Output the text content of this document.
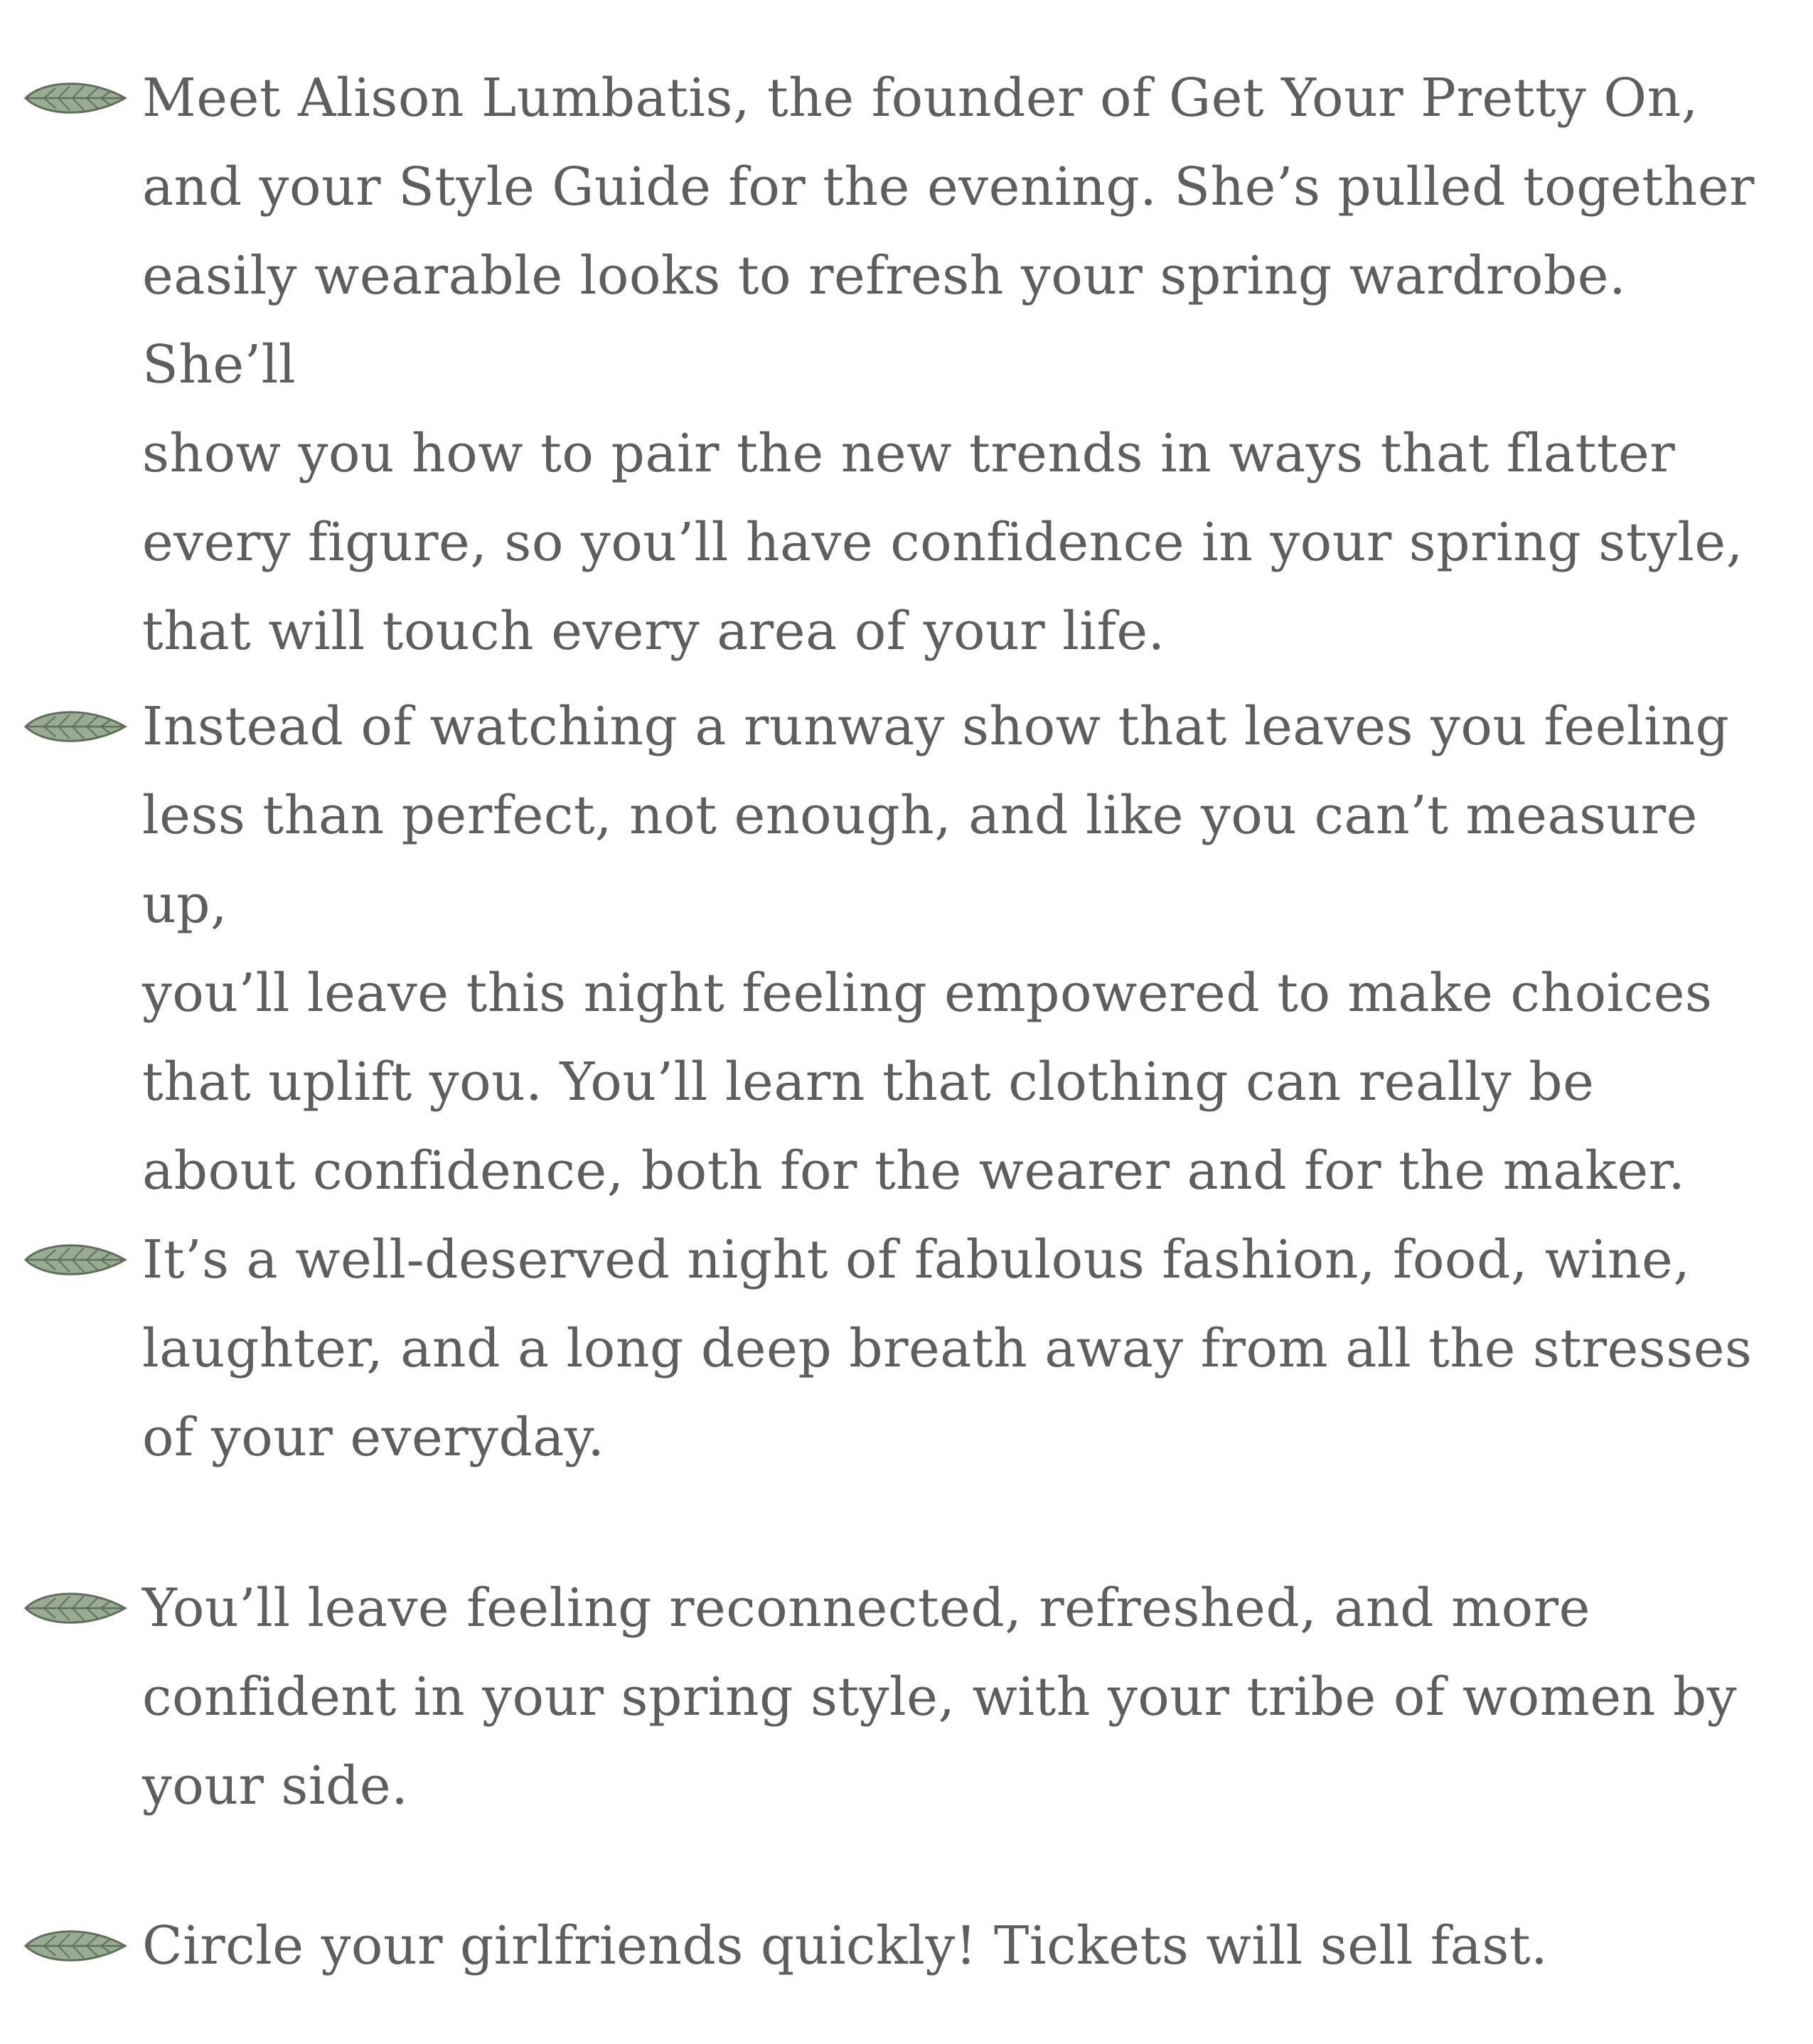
Meet Alison Lumbatis, the founder of Get Your Pretty On,
and your Style Guide for the evening. She’s pulled together
easily wearable looks to refresh your spring wardrobe. She’ll
show you how to pair the new trends in ways that flatter
every figure, so you’ll have confidence in your spring style,
that will touch every area of your life.

Instead of watching a runway show that leaves you feeling
less than perfect, not enough, and like you can’t measure up,
you’ll leave this night feeling empowered to make choices
that uplift you. You’ll learn that clothing can really be
about confidence, both for the wearer and for the maker.

It’s a well-deserved night of fabulous fashion, food, wine,
laughter, and a long deep breath away from all the stresses
of your everyday.

You’ll leave feeling reconnected, refreshed, and more
confident in your spring style, with your tribe of women by
your side.

Circle your girlfriends quickly! Tickets will sell fast.
